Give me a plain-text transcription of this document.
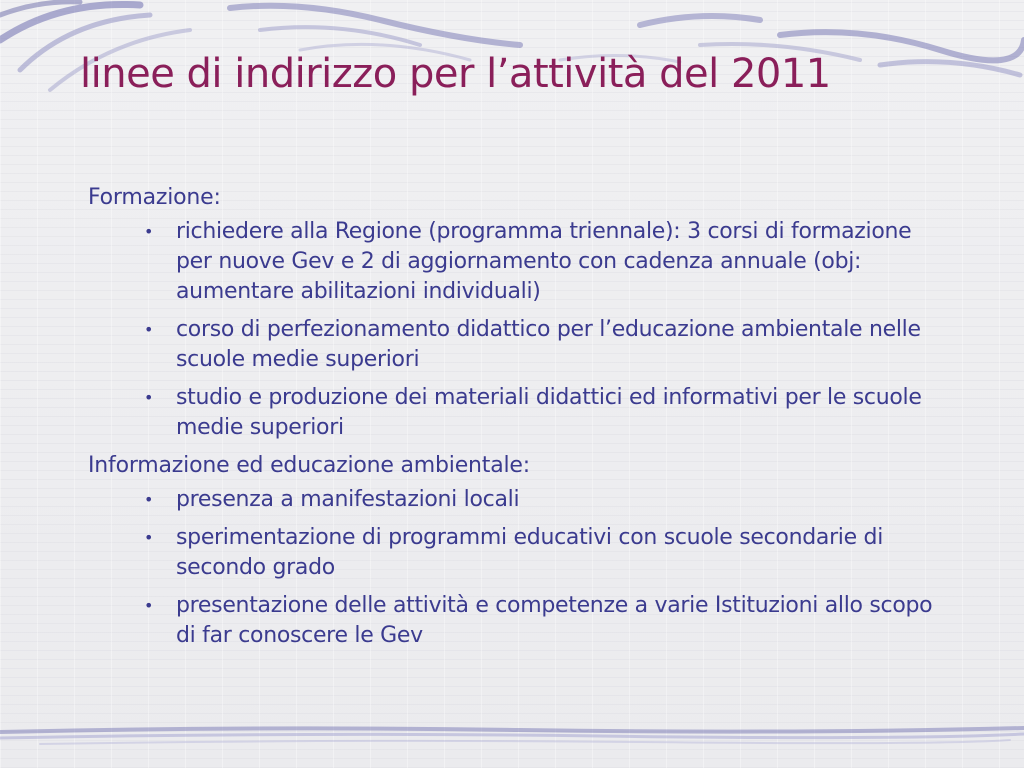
linee di indirizzo per l’attività del 2011

Formazione:

• richiedere alla Regione (programma triennale): 3 corsi di formazione per nuove Gev e 2 di aggiornamento con cadenza annuale (obj: aumentare abilitazioni individuali)
• corso di perfezionamento didattico per l’educazione ambientale nelle scuole medie superiori
• studio e produzione dei materiali didattici ed informativi per le scuole medie superiori

Informazione ed educazione ambientale:

• presenza a manifestazioni locali
• sperimentazione di programmi educativi con scuole secondarie di secondo grado
• presentazione delle attività e competenze a varie Istituzioni allo scopo di far conoscere le Gev
